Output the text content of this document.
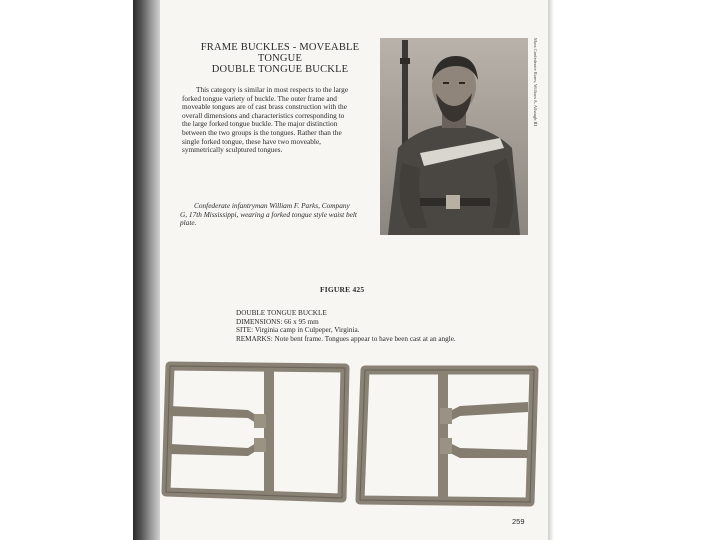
FRAME BUCKLES - MOVEABLE TONGUE
DOUBLE TONGUE BUCKLE
This category is similar in most respects to the large forked tongue variety of buckle. The outer frame and moveable tongues are of cast brass construction with the overall dimensions and characteristics corresponding to the large forked tongue buckle. The major distinction between the two groups is the tongues. Rather than the single forked tongue, these have two moveable, symmetrically sculptured tongues.
Confederate infantryman William F. Parks, Company G, 17th Mississippi, wearing a forked tongue style waist belt plate.
Mass Confederate Rares, William A. Albaugh III
FIGURE 425
DOUBLE TONGUE BUCKLE
DIMENSIONS: 66 x 95 mm
SITE: Virginia camp in Culpeper, Virginia.
REMARKS: Note bent frame. Tongues appear to have been cast at an angle.
259
